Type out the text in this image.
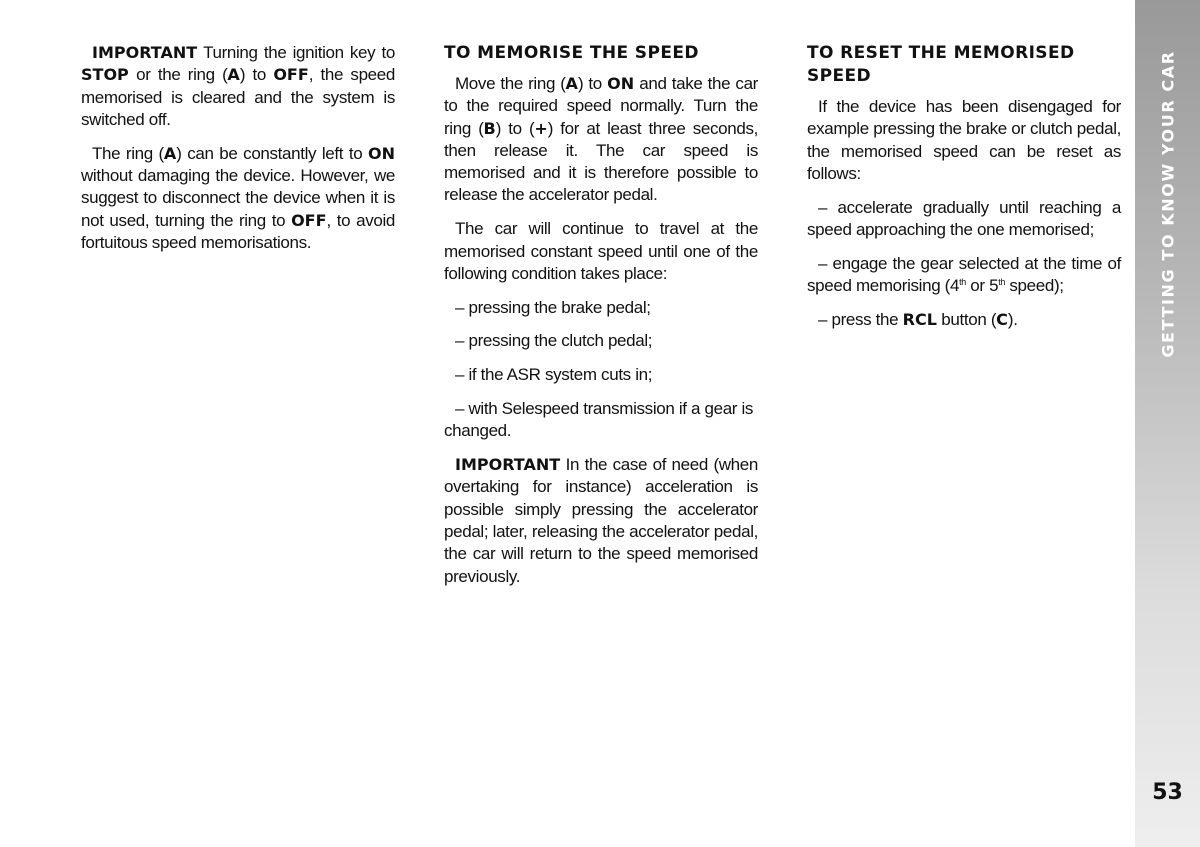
IMPORTANT Turning the ignition key to STOP or the ring (A) to OFF, the speed memorised is cleared and the system is switched off.

The ring (A) can be constantly left to ON without damaging the device. However, we suggest to disconnect the device when it is not used, turning the ring to OFF, to avoid fortuitous speed memorisations.

TO MEMORISE THE SPEED

Move the ring (A) to ON and take the car to the required speed normally. Turn the ring (B) to (+) for at least three seconds, then release it. The car speed is memorised and it is therefore possible to release the accelerator pedal.

The car will continue to travel at the memorised constant speed until one of the following condition takes place:

– pressing the brake pedal;

– pressing the clutch pedal;

– if the ASR system cuts in;

– with Selespeed transmission if a gear is changed.

IMPORTANT In the case of need (when overtaking for instance) acceleration is possible simply pressing the accelerator pedal; later, releasing the accelerator pedal, the car will return to the speed memorised previously.

TO RESET THE MEMORISED SPEED

If the device has been disengaged for example pressing the brake or clutch pedal, the memorised speed can be reset as follows:

– accelerate gradually until reaching a speed approaching the one memorised;

– engage the gear selected at the time of speed memorising (4th or 5th speed);

– press the RCL button (C).	GETTING TO KNOW YOUR CAR
53
